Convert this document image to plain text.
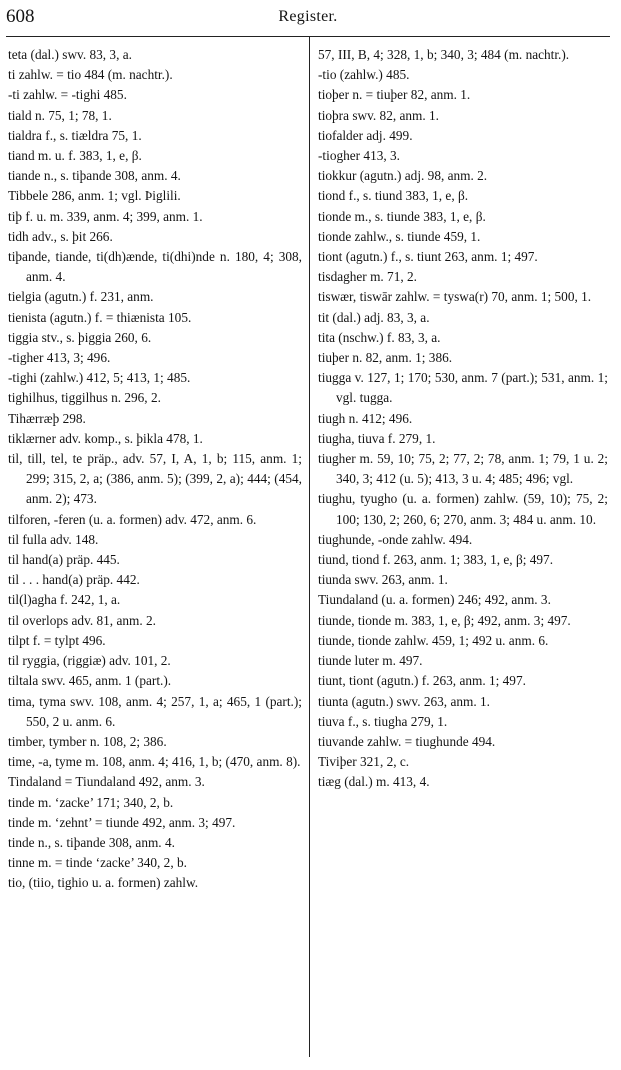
608	Register.
teta (dal.) swv. 83, 3, a.
ti zahlw. = tio 484 (m. nachtr.).
-ti zahlw. = -tighi 485.
tiald n. 75, 1; 78, 1.
tialdra f., s. tiældra 75, 1.
tiand m. u. f. 383, 1, e, β.
tiande n., s. tiþande 308, anm. 4.
Tibbele 286, anm. 1; vgl. Þiglili.
tiþ f. u. m. 339, anm. 4; 399, anm. 1.
tidh adv., s. þit 266.
tiþande, tiande, ti(dh)ænde, ti(dhi)nde n. 180, 4; 308, anm. 4.
tielgia (agutn.) f. 231, anm.
tienista (agutn.) f. = thiænista 105.
tiggia stv., s. þiggia 260, 6.
-tigher 413, 3; 496.
-tighi (zahlw.) 412, 5; 413, 1; 485.
tighilhus, tiggilhus n. 296, 2.
Tihærræþ 298.
tiklærner adv. komp., s. þikla 478, 1.
til, till, tel, te präp., adv. 57, I, A, 1, b; 115, anm. 1; 299; 315, 2, a; (386, anm. 5); (399, 2, a); 444; (454, anm. 2); 473.
tilforen, -feren (u. a. formen) adv. 472, anm. 6.
til fulla adv. 148.
til hand(a) präp. 445.
til . . . hand(a) präp. 442.
til(l)agha f. 242, 1, a.
til overlops adv. 81, anm. 2.
tilpt f. = tylpt 496.
til ryggia, (riggiæ) adv. 101, 2.
tiltala swv. 465, anm. 1 (part.).
tima, tyma swv. 108, anm. 4; 257, 1, a; 465, 1 (part.); 550, 2 u. anm. 6.
timber, tymber n. 108, 2; 386.
time, -a, tyme m. 108, anm. 4; 416, 1, b; (470, anm. 8).
Tindaland = Tiundaland 492, anm. 3.
tinde m. ‘zacke’ 171; 340, 2, b.
tinde m. ‘zehnt’ = tiunde 492, anm. 3; 497.
tinde n., s. tiþande 308, anm. 4.
tinne m. = tinde ‘zacke’ 340, 2, b.
tio, (tiio, tighio u. a. formen) zahlw.
57, III, B, 4; 328, 1, b; 340, 3; 484 (m. nachtr.).
-tio (zahlw.) 485.
tioþer n. = tiuþer 82, anm. 1.
tioþra swv. 82, anm. 1.
tiofalder adj. 499.
-tiogher 413, 3.
tiokkur (agutn.) adj. 98, anm. 2.
tiond f., s. tiund 383, 1, e, β.
tionde m., s. tiunde 383, 1, e, β.
tionde zahlw., s. tiunde 459, 1.
tiont (agutn.) f., s. tiunt 263, anm. 1; 497.
tisdagher m. 71, 2.
tiswær, tiswār zahlw. = tyswa(r) 70, anm. 1; 500, 1.
tit (dal.) adj. 83, 3, a.
tita (nschw.) f. 83, 3, a.
tiuþer n. 82, anm. 1; 386.
tiugga v. 127, 1; 170; 530, anm. 7 (part.); 531, anm. 1; vgl. tugga.
tiugh n. 412; 496.
tiugha, tiuva f. 279, 1.
tiugher m. 59, 10; 75, 2; 77, 2; 78, anm. 1; 79, 1 u. 2; 340, 3; 412 (u. 5); 413, 3 u. 4; 485; 496; vgl.
tiughu, tyugho (u. a. formen) zahlw. (59, 10); 75, 2; 100; 130, 2; 260, 6; 270, anm. 3; 484 u. anm. 10.
tiughunde, -onde zahlw. 494.
tiund, tiond f. 263, anm. 1; 383, 1, e, β; 497.
tiunda swv. 263, anm. 1.
Tiundaland (u. a. formen) 246; 492, anm. 3.
tiunde, tionde m. 383, 1, e, β; 492, anm. 3; 497.
tiunde, tionde zahlw. 459, 1; 492 u. anm. 6.
tiunde luter m. 497.
tiunt, tiont (agutn.) f. 263, anm. 1; 497.
tiunta (agutn.) swv. 263, anm. 1.
tiuva f., s. tiugha 279, 1.
tiuvande zahlw. = tiughunde 494.
Tiviþer 321, 2, c.
tiæg (dal.) m. 413, 4.
